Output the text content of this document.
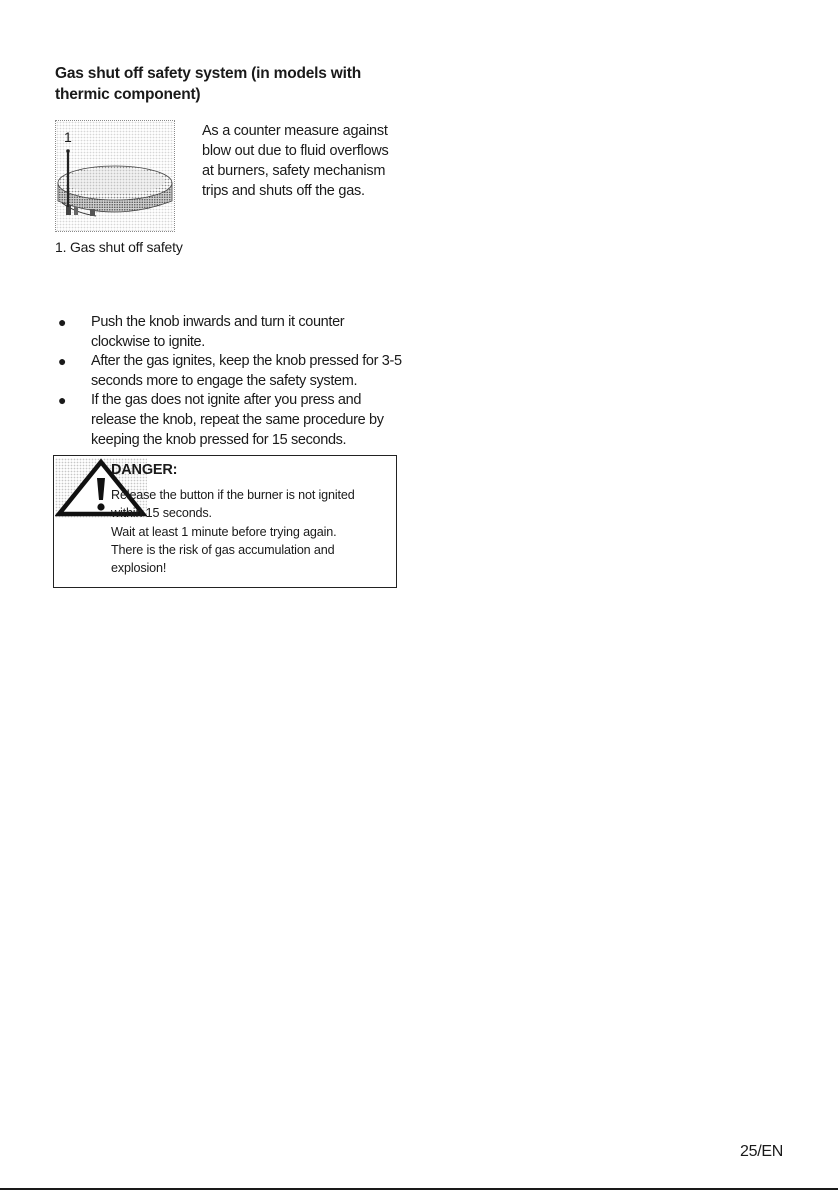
Gas shut off safety system (in models with thermic component)
1
1. Gas shut off safety

As a counter measure against blow out due to fluid overflows at burners, safety mechanism trips and shuts off the gas.

● Push the knob inwards and turn it counter clockwise to ignite.
● After the gas ignites, keep the knob pressed for 3-5 seconds more to engage the safety system.
● If the gas does not ignite after you press and release the knob, repeat the same procedure by keeping the knob pressed for 15 seconds.
DANGER:
Release the button if the burner is not ignited
within 15 seconds.
Wait at least 1 minute before trying again.
There is the risk of gas accumulation and
explosion!
25/EN
